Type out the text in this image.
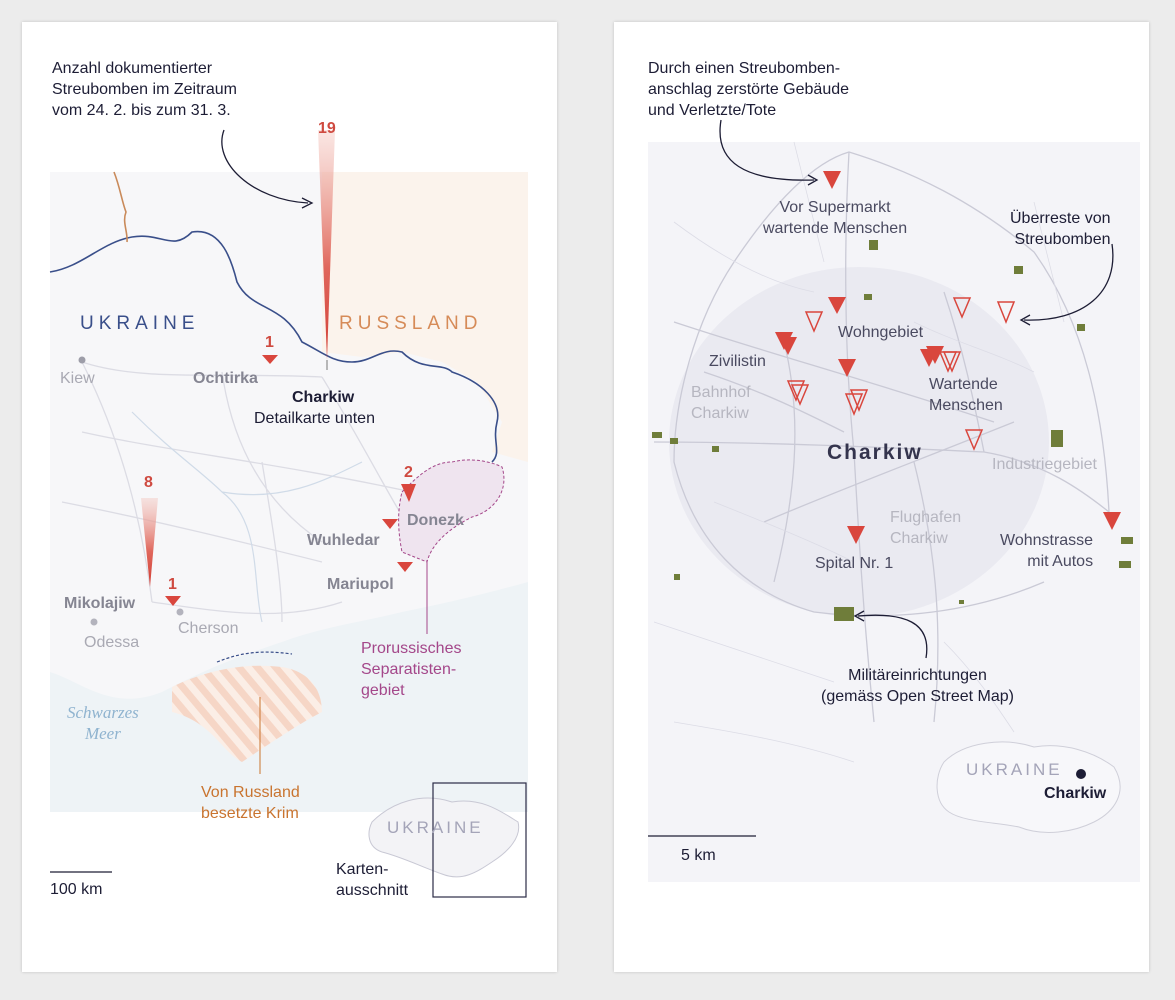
Anzahl dokumentierter
Streubomben im Zeitraum
vom 24. 2. bis zum 31. 3.
19
1
8
1
2
UKRAINE	RUSSLAND
Kiew	Ochtirka
Charkiw
Detailkarte unten
Donezk
Wuhledar
Mariupol
Mikolajiw
Odessa
Cherson
Prorussisches
Separatisten-
gebiet
Schwarzes
Meer
Von Russland
besetzte Krim
UKRAINE
Karten-
ausschnitt
100 km
Durch einen Streubomben-
anschlag zerstörte Gebäude
und Verletzte/Tote
Überreste von
Streubomben
Vor Supermarkt
wartende Menschen
Wohngebiet
Zivilistin
Bahnhof
Charkiw
Wartende
Menschen
Charkiw
Industriegebiet
Flughafen
Charkiw	Wohnstrasse
mit Autos
Spital Nr. 1
Militäreinrichtungen
(gemäss Open Street Map)
UKRAINE
Charkiw
5 km
